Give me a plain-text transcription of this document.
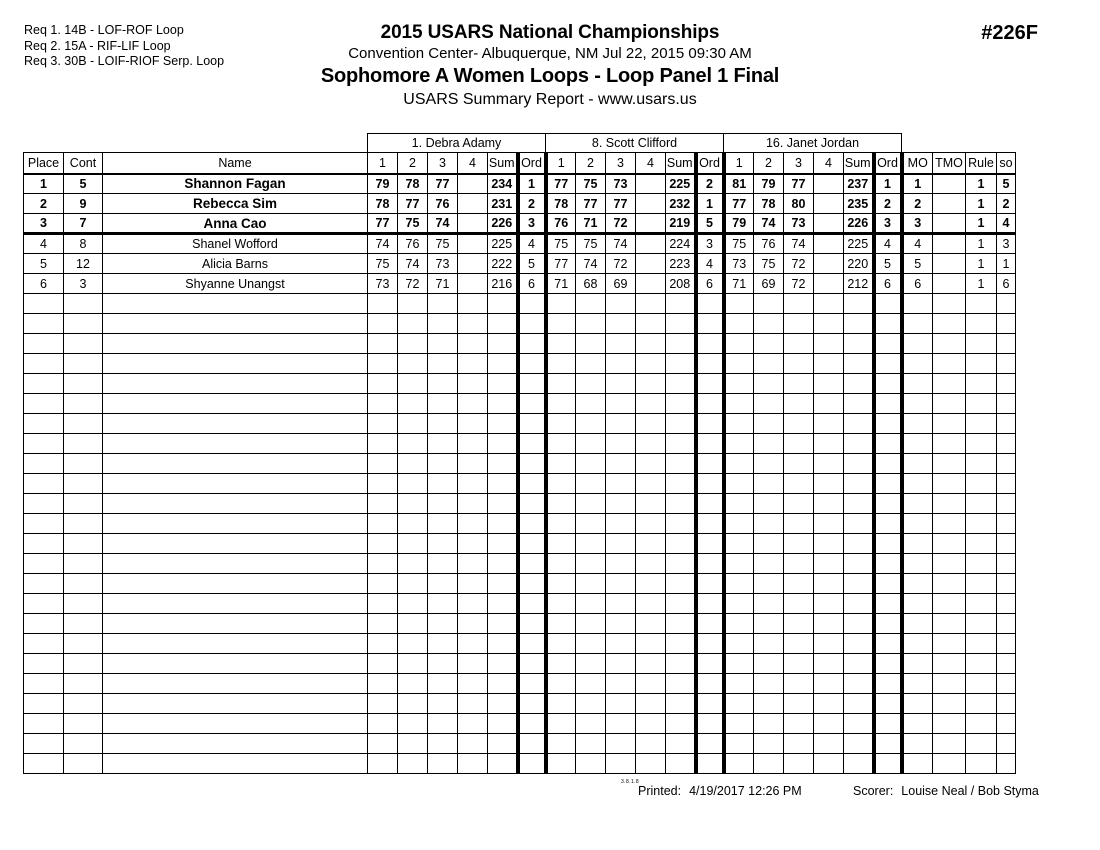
Req 1. 14B - LOF-ROF Loop
Req 2. 15A - RIF-LIF Loop
Req 3. 30B - LOIF-RIOF Serp. Loop
2015 USARS National Championships
Convention Center- Albuquerque, NM Jul 22, 2015 09:30 AM
Sophomore A Women Loops - Loop Panel 1 Final
USARS Summary Report - www.usars.us
#226F
			1. Debra Adamy						8. Scott Clifford						16. Janet Jordan									
Place	Cont	Name	1	2	3	4	Sum	Ord	1	2	3	4	Sum	Ord	1	2	3	4	Sum	Ord	MO	TMO	Rule	so
1	5	Shannon Fagan	79	78	77		234	1	77	75	73		225	2	81	79	77		237	1	1		1	5
2	9	Rebecca Sim	78	77	76		231	2	78	77	77		232	1	77	78	80		235	2	2		1	2
3	7	Anna Cao	77	75	74		226	3	76	71	72		219	5	79	74	73		226	3	3		1	4
4	8	Shanel Wofford	74	76	75		225	4	75	75	74		224	3	75	76	74		225	4	4		1	3
5	12	Alicia Barns	75	74	73		222	5	77	74	72		223	4	73	75	72		220	5	5		1	1
6	3	Shyanne Unangst	73	72	71		216	6	71	68	69		208	6	71	69	72		212	6	6		1	6

3.8.1.8
Printed: 4/19/2017 12:26 PM	Scorer: Louise Neal / Bob Styma
